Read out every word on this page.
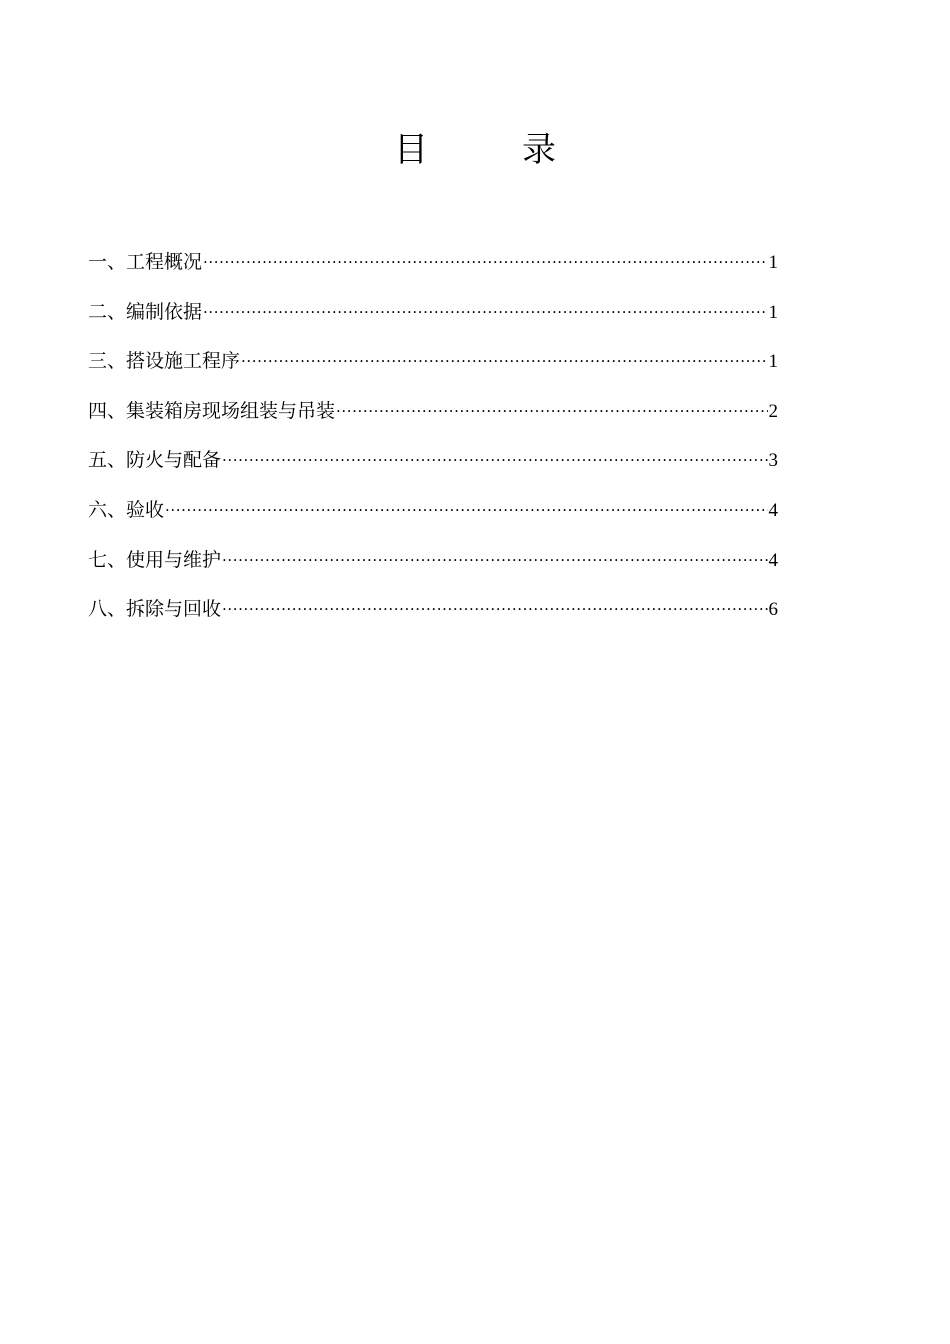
目　录
一、工程概况 .....	1
二、编制依据 .....	1
三、搭设施工程序 .....	1
四、集装箱房现场组装与吊装 .....	2
五、防火与配备 .....	3
六、验收 .....	4
七、使用与维护 .....	4
八、拆除与回收 .....	6
